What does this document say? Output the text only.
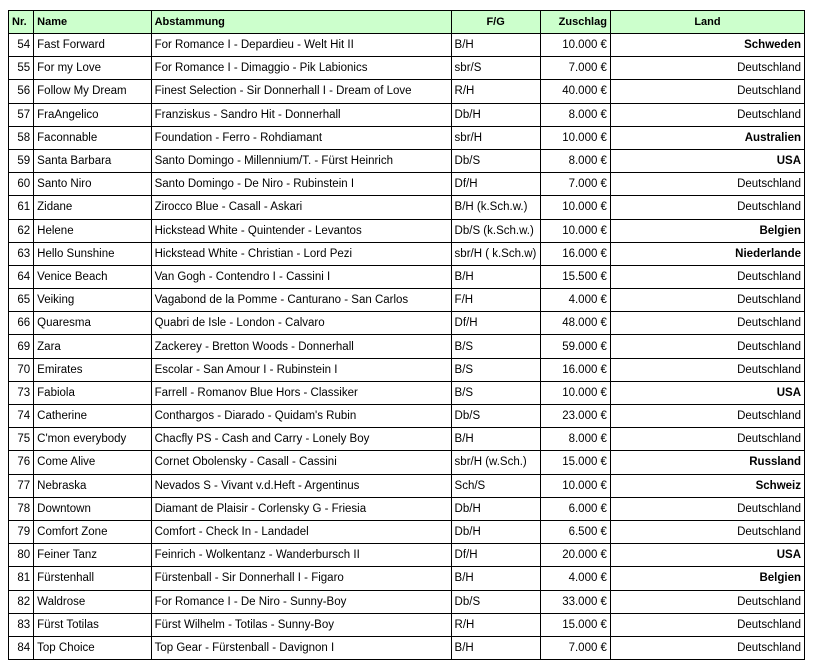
Nr.	Name	Abstammung	F/G	Zuschlag	Land
54	Fast Forward	For Romance I - Depardieu - Welt Hit II	B/H	10.000 €	Schweden
55	For my Love	For Romance I - Dimaggio - Pik Labionics	sbr/S	7.000 €	Deutschland
56	Follow My Dream	Finest Selection - Sir Donnerhall I - Dream of Love	R/H	40.000 €	Deutschland
57	FraAngelico	Franziskus - Sandro Hit - Donnerhall	Db/H	8.000 €	Deutschland
58	Faconnable	Foundation - Ferro - Rohdiamant	sbr/H	10.000 €	Australien
59	Santa Barbara	Santo Domingo - Millennium/T. - Fürst Heinrich	Db/S	8.000 €	USA
60	Santo Niro	Santo Domingo - De Niro - Rubinstein I	Df/H	7.000 €	Deutschland
61	Zidane	Zirocco Blue - Casall - Askari	B/H (k.Sch.w.)	10.000 €	Deutschland
62	Helene	Hickstead White - Quintender - Levantos	Db/S (k.Sch.w.)	10.000 €	Belgien
63	Hello Sunshine	Hickstead White - Christian - Lord Pezi	sbr/H ( k.Sch.w)	16.000 €	Niederlande
64	Venice Beach	Van Gogh - Contendro I - Cassini I	B/H	15.500 €	Deutschland
65	Veiking	Vagabond de la Pomme - Canturano - San Carlos	F/H	4.000 €	Deutschland
66	Quaresma	Quabri de Isle - London - Calvaro	Df/H	48.000 €	Deutschland
69	Zara	Zackerey - Bretton Woods - Donnerhall	B/S	59.000 €	Deutschland
70	Emirates	Escolar - San Amour I - Rubinstein I	B/S	16.000 €	Deutschland
73	Fabiola	Farrell - Romanov Blue Hors - Classiker	B/S	10.000 €	USA
74	Catherine	Conthargos - Diarado - Quidam's Rubin	Db/S	23.000 €	Deutschland
75	C'mon everybody	Chacfly PS - Cash and Carry - Lonely Boy	B/H	8.000 €	Deutschland
76	Come Alive	Cornet Obolensky - Casall - Cassini	sbr/H (w.Sch.)	15.000 €	Russland
77	Nebraska	Nevados S - Vivant v.d.Heft - Argentinus	Sch/S	10.000 €	Schweiz
78	Downtown	Diamant de Plaisir - Corlensky G - Friesia	Db/H	6.000 €	Deutschland
79	Comfort Zone	Comfort - Check In - Landadel	Db/H	6.500 €	Deutschland
80	Feiner Tanz	Feinrich - Wolkentanz - Wanderbursch II	Df/H	20.000 €	USA
81	Fürstenhall	Fürstenball - Sir Donnerhall I - Figaro	B/H	4.000 €	Belgien
82	Waldrose	For Romance I - De Niro - Sunny-Boy	Db/S	33.000 €	Deutschland
83	Fürst Totilas	Fürst Wilhelm - Totilas - Sunny-Boy	R/H	15.000 €	Deutschland
84	Top Choice	Top Gear - Fürstenball - Davignon I	B/H	7.000 €	Deutschland
